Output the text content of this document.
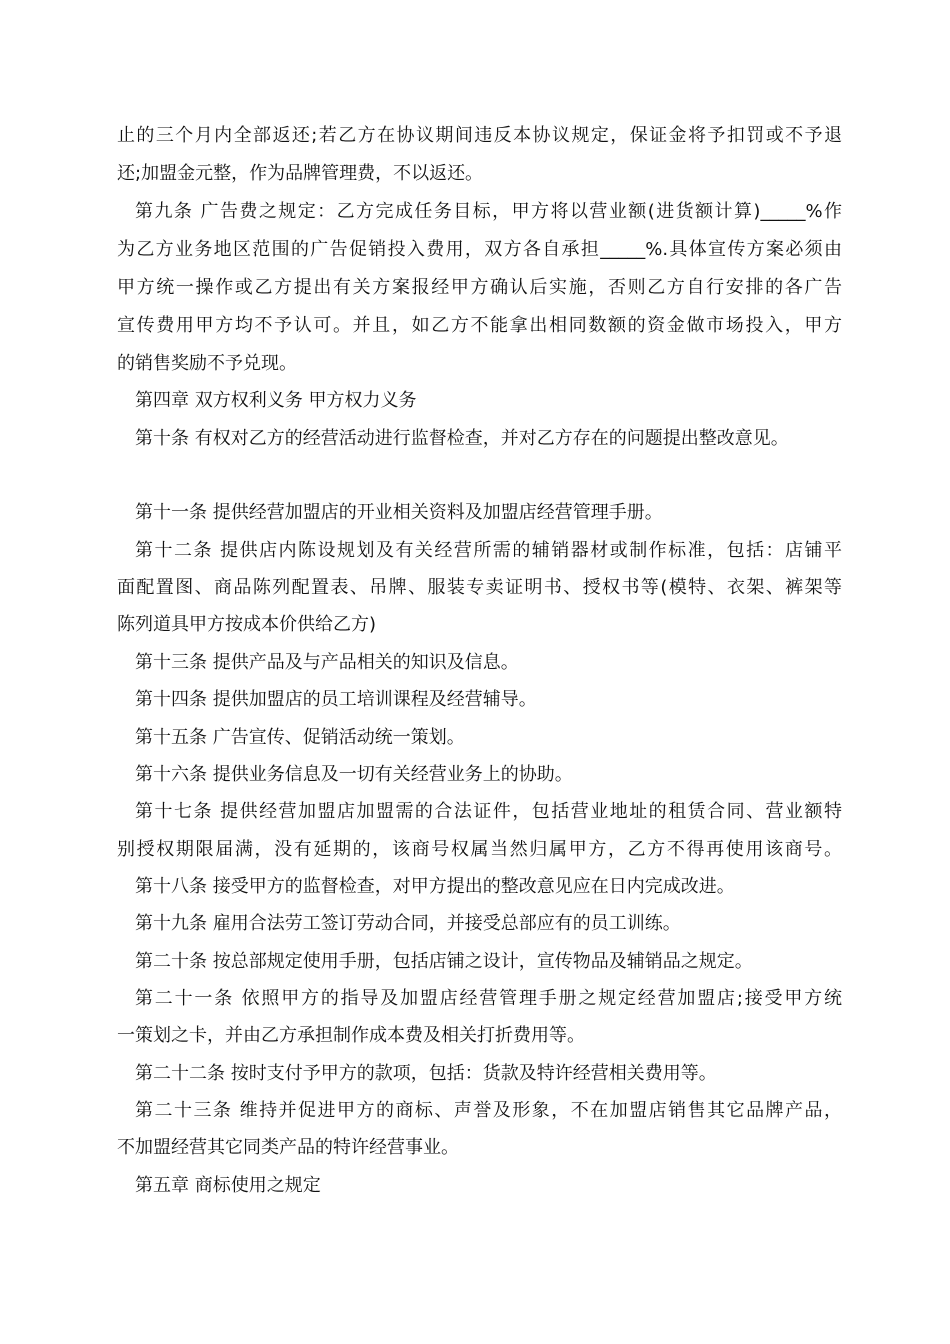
止的三个月内全部返还;若乙方在协议期间违反本协议规定，保证金将予扣罚或不予退
还;加盟金元整，作为品牌管理费，不以返还。
第九条 广告费之规定：乙方完成任务目标，甲方将以营业额(进货额计算)_____%作
为乙方业务地区范围的广告促销投入费用，双方各自承担_____%.具体宣传方案必须由
甲方统一操作或乙方提出有关方案报经甲方确认后实施，否则乙方自行安排的各广告
宣传费用甲方均不予认可。并且，如乙方不能拿出相同数额的资金做市场投入，甲方
的销售奖励不予兑现。
第四章 双方权利义务 甲方权力义务
第十条 有权对乙方的经营活动进行监督检查，并对乙方存在的问题提出整改意见。
第十一条 提供经营加盟店的开业相关资料及加盟店经营管理手册。
第十二条 提供店内陈设规划及有关经营所需的辅销器材或制作标准，包括：店铺平
面配置图、商品陈列配置表、吊牌、服装专卖证明书、授权书等(模特、衣架、裤架等
陈列道具甲方按成本价供给乙方)
第十三条 提供产品及与产品相关的知识及信息。
第十四条 提供加盟店的员工培训课程及经营辅导。
第十五条 广告宣传、促销活动统一策划。
第十六条 提供业务信息及一切有关经营业务上的协助。
第十七条 提供经营加盟店加盟需的合法证件，包括营业地址的租赁合同、营业额特
别授权期限届满，没有延期的，该商号权属当然归属甲方，乙方不得再使用该商号。
第十八条 接受甲方的监督检查，对甲方提出的整改意见应在日内完成改进。
第十九条 雇用合法劳工签订劳动合同，并接受总部应有的员工训练。
第二十条 按总部规定使用手册，包括店铺之设计，宣传物品及辅销品之规定。
第二十一条 依照甲方的指导及加盟店经营管理手册之规定经营加盟店;接受甲方统
一策划之卡，并由乙方承担制作成本费及相关打折费用等。
第二十二条 按时支付予甲方的款项，包括：货款及特许经营相关费用等。
第二十三条 维持并促进甲方的商标、声誉及形象，不在加盟店销售其它品牌产品，
不加盟经营其它同类产品的特许经营事业。
第五章 商标使用之规定
